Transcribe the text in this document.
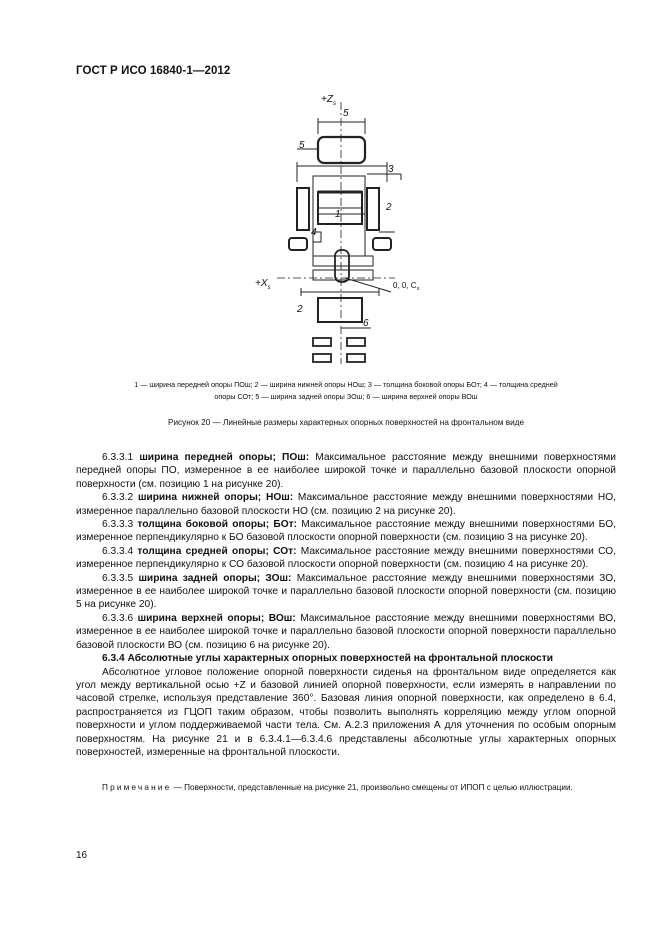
ГОСТ Р ИСО 16840-1—2012
$+Z_s$
5
5
3
1
2
4
$+X_s$	0, 0, $C_s$
2
6
1 — ширина передней опоры ПОш; 2 — ширина нижней опоры НОш; 3 — толщина боковой опоры БОт; 4 — толщина средней
опоры СОт; 5 — ширина задней опоры ЗОш; 6 — ширина верхней опоры ВОш
Рисунок 20 — Линейные размеры характерных опорных поверхностей на фронтальном виде

6.3.3.1 ширина передней опоры; ПОш: Максимальное расстояние между внешними поверхностями передней опоры ПО, измеренное в ее наиболее широкой точке и параллельно базовой плоскости опорной поверхности (см. позицию 1 на рисунке 20).

6.3.3.2 ширина нижней опоры; НОш: Максимальное расстояние между внешними поверхностями НО, измеренное параллельно базовой плоскости НО (см. позицию 2 на рисунке 20).

6.3.3.3 толщина боковой опоры; БОт: Максимальное расстояние между внешними поверхностями БО, измеренное перпендикулярно к БО базовой плоскости опорной поверхности (см. позицию 3 на рисунке 20).

6.3.3.4 толщина средней опоры; СОт: Максимальное расстояние между внешними поверхностями СО, измеренное перпендикулярно к СО базовой плоскости опорной поверхности (см. позицию 4 на рисунке 20).

6.3.3.5 ширина задней опоры; ЗОш: Максимальное расстояние между внешними поверхностями ЗО, измеренное в ее наиболее широкой точке и параллельно базовой плоскости опорной поверхности (см. позицию 5 на рисунке 20).

6.3.3.6 ширина верхней опоры; ВОш: Максимальное расстояние между внешними поверхностями ВО, измеренное в ее наиболее широкой точке и параллельно базовой плоскости опорной поверхности параллельно базовой плоскости ВО (см. позицию 6 на рисунке 20).

6.3.4 Абсолютные углы характерных опорных поверхностей на фронтальной плоскости

Абсолютное угловое положение опорной поверхности сиденья на фронтальном виде определяется как угол между вертикальной осью +Z и базовой линией опорной поверхности, если измерять в направлении по часовой стрелке, используя представление 360°. Базовая линия опорной поверхности, как определено в 6.4, распространяется из ГЦОП таким образом, чтобы позволить выполнять корреляцию между углом опорной поверхности и углом поддерживаемой части тела. См. А.2.3 приложения А для уточнения по особым опорным поверхностям. На рисунке 21 и в 6.3.4.1—6.3.4.6 представлены абсолютные углы характерных опорных поверхностей, измеренные на фронтальной плоскости.

Примечание — Поверхности, представленные на рисунке 21, произвольно смещены от ИПОП с целью иллюстрации.
16
